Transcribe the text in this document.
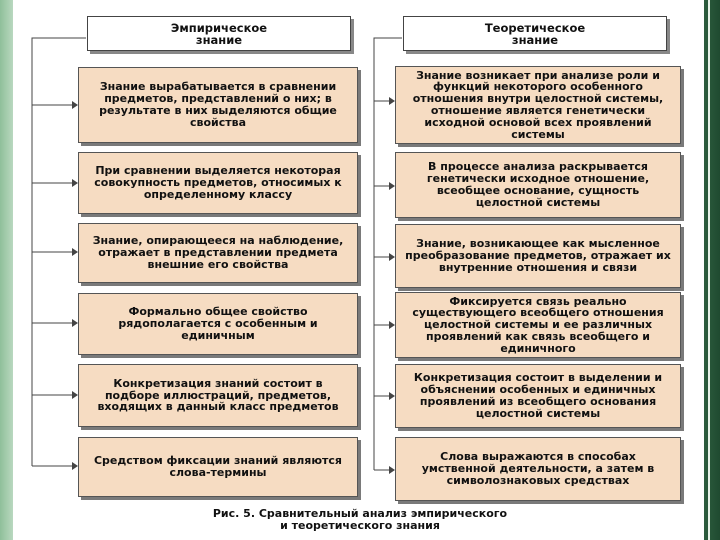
Эмпирическое
знание
Теоретическое
знание
Знание вырабатывается в сравнении предметов, представлений о них; в результате в них выделяются общие свойства
При сравнении выделяется некоторая совокупность предметов, относимых к определенному классу
Знание, опирающееся на наблюдение, отражает в представлении предмета внешние его свойства
Формально общее свойство рядополагается с особенным и единичным
Конкретизация знаний состоит в подборе иллюстраций, предметов, входящих в данный класс предметов
Средством фиксации знаний являются слова-термины
Знание возникает при анализе роли и функций некоторого особенного отношения внутри целостной системы, отношение является генетически исходной основой всех проявлений системы
В процессе анализа раскрывается генетически исходное отношение, всеобщее основание, сущность целостной системы
Знание, возникающее как мысленное преобразование предметов, отражает их внутренние отношения и связи
Фиксируется связь реально существующего всеобщего отношения целостной системы и ее различных проявлений как связь всеобщего и единичного
Конкретизация состоит в выделении и объяснении особенных и единичных проявлений из всеобщего основания целостной системы
Слова выражаются в способах умственной деятельности, а затем в символознаковых средствах
Рис. 5. Сравнительный анализ эмпирического
и теоретического знания
